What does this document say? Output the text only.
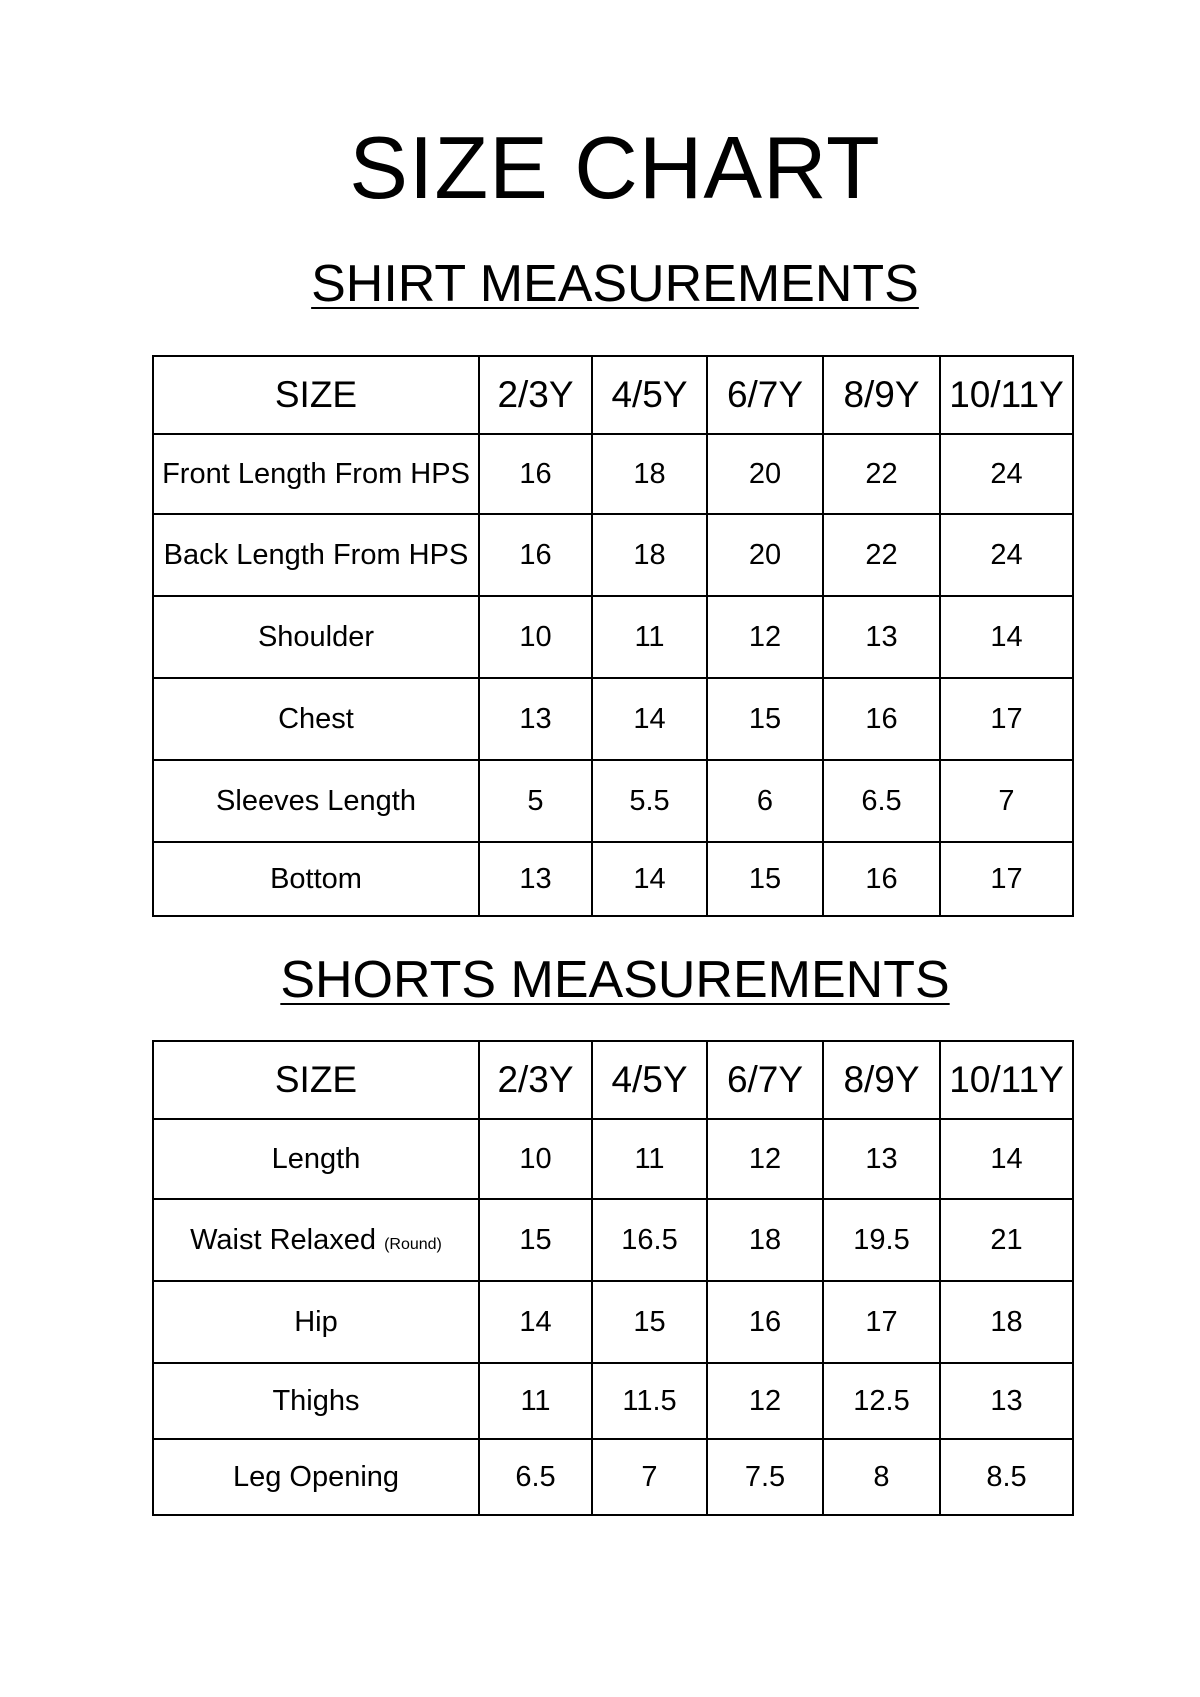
SIZE CHART
SHIRT MEASUREMENTS
SIZE	2/3Y	4/5Y	6/7Y	8/9Y	10/11Y
Front Length From HPS	16	18	20	22	24
Back Length From HPS	16	18	20	22	24
Shoulder	10	11	12	13	14
Chest	13	14	15	16	17
Sleeves Length	5	5.5	6	6.5	7
Bottom	13	14	15	16	17
SHORTS MEASUREMENTS
SIZE	2/3Y	4/5Y	6/7Y	8/9Y	10/11Y
Length	10	11	12	13	14
Waist Relaxed (Round)	15	16.5	18	19.5	21
Hip	14	15	16	17	18
Thighs	11	11.5	12	12.5	13
Leg Opening	6.5	7	7.5	8	8.5
